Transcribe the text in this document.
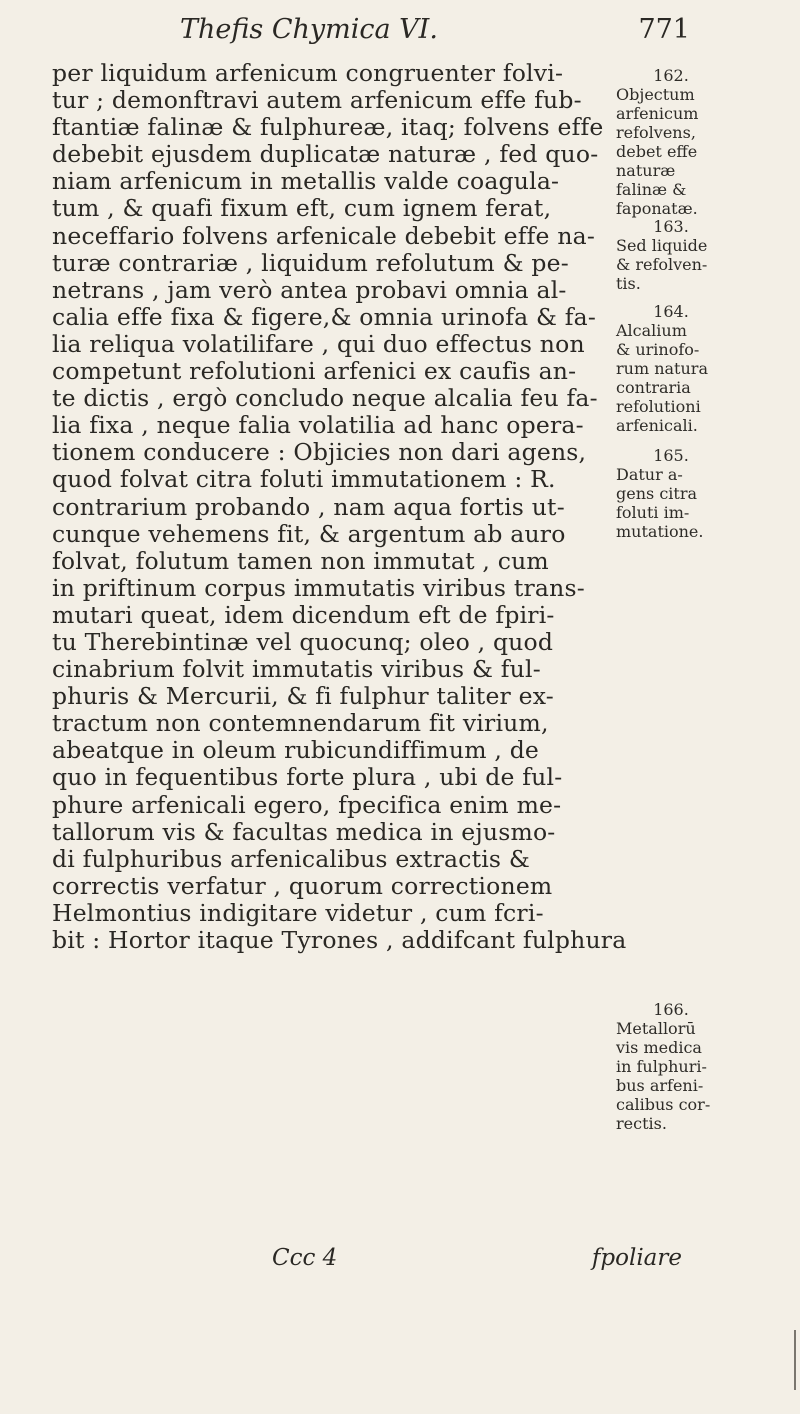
Thefis Chymica VI.	771
per liquidum arfenicum congruenter folvi-
tur ; demonftravi autem arfenicum effe fub-
ftantiæ falinæ & fulphureæ, itaq; folvens effe
debebit ejusdem duplicatæ naturæ , fed quo-
niam arfenicum in metallis valde coagula-
tum , & quafi fixum eft, cum ignem ferat,
neceffario folvens arfenicale debebit effe na-
turæ contrariæ , liquidum refolutum & pe-
netrans , jam verò antea probavi omnia al-
calia effe fixa & figere,& omnia urinofa & fa-
lia reliqua volatilifare , qui duo effectus non
competunt refolutioni arfenici ex caufis an-
te dictis , ergò concludo neque alcalia feu fa-
lia fixa , neque falia volatilia ad hanc opera-
tionem conducere : Objicies non dari agens,
quod folvat citra foluti immutationem : R.
contrarium probando , nam aqua fortis ut-
cunque vehemens fit, & argentum ab auro
folvat, folutum tamen non immutat , cum
in priftinum corpus immutatis viribus trans-
mutari queat, idem dicendum eft de fpiri-
tu Therebintinæ vel quocunq; oleo , quod
cinabrium folvit immutatis viribus & ful-
phuris & Mercurii, & fi fulphur taliter ex-
tractum non contemnendarum fit virium,
abeatque in oleum rubicundiffimum , de
quo in fequentibus forte plura , ubi de ful-
phure arfenicali egero, fpecifica enim me-
tallorum vis & facultas medica in ejusmo-
di fulphuribus arfenicalibus extractis &
correctis verfatur , quorum correctionem
Helmontius indigitare videtur , cum fcri-
bit : Hortor itaque Tyrones , addifcant fulphura
Ccc 4	fpoliare
162.
Objectum
arfenicum
refolvens,
debet effe
naturæ
falinæ &
faponatæ.
163.
Sed liquide
& refolven-
tis.
164.
Alcalium
& urinofo-
rum natura
contraria
refolutioni
arfenicali.
165.
Datur a-
gens citra
foluti im-
mutatione.
166.
Metallorū
vis medica
in fulphuri-
bus arfeni-
calibus cor-
rectis.
